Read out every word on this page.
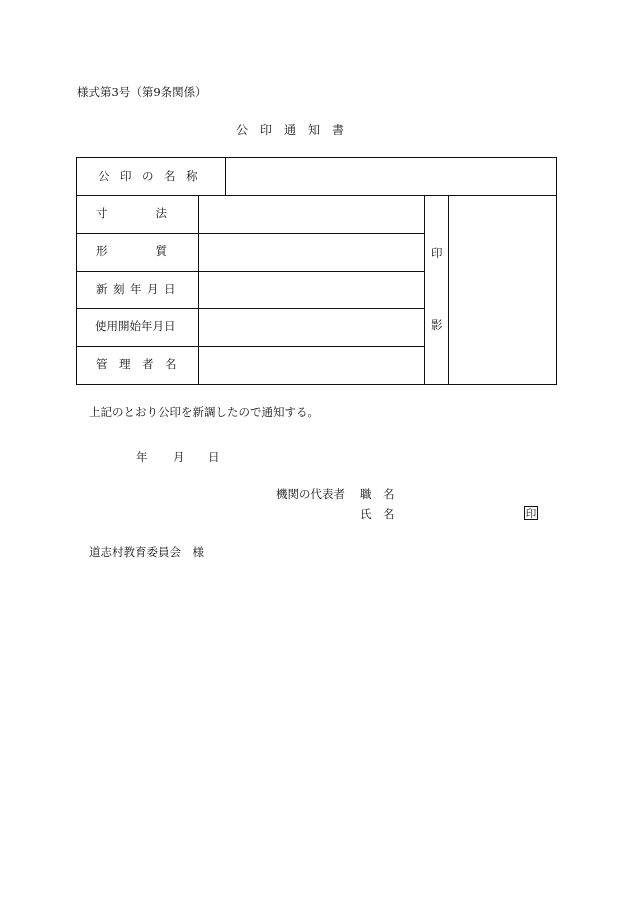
様式第3号（第9条関係）
公　印　通　知　書
公印の名称
寸法
形質
新刻年月日
使用開始年月日
管理者名
印
影
上記のとおり公印を新調したので通知する。
年 月 日
機関の代表者 職　名
氏　名	印
道志村教育委員会　様
